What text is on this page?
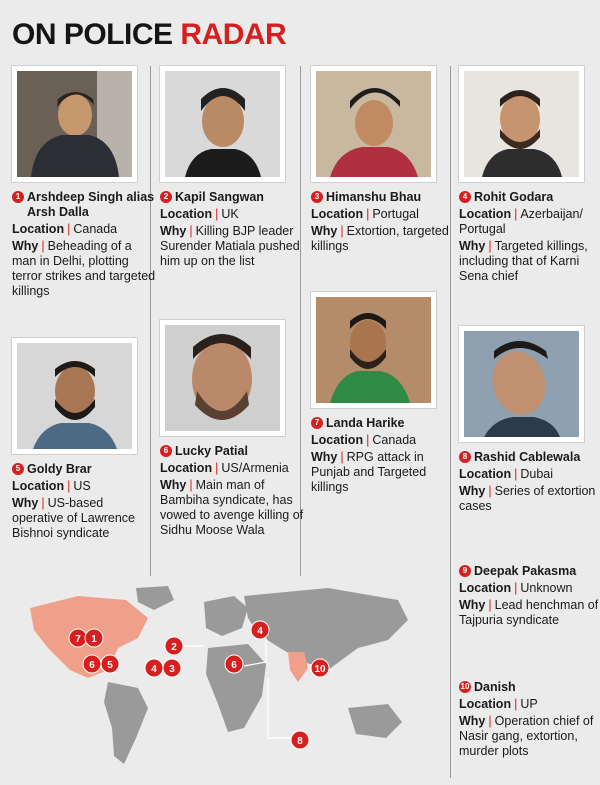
ON POLICE RADAR
1 Arshdeep Singh alias Arsh Dalla
Location | Canada
Why | Beheading of a man in Delhi, plotting terror strikes and targeted killings
2 Kapil Sangwan
Location | UK
Why | Killing BJP leader Surender Matiala pushed him up on the list
3 Himanshu Bhau
Location | Portugal
Why | Extortion, targeted killings
4 Rohit Godara
Location | Azerbaijan/ Portugal
Why | Targeted killings, including that of Karni Sena chief
5 Goldy Brar
Location | US
Why | US-based operative of Lawrence Bishnoi syndicate
6 Lucky Patial
Location | US/Armenia
Why | Main man of Bambiha syndicate, has vowed to avenge killing of Sidhu Moose Wala
7 Landa Harike
Location | Canada
Why | RPG attack in Punjab and Targeted killings
8 Rashid Cablewala
Location | Dubai
Why | Series of extortion cases
9 Deepak Pakasma
Location | Unknown
Why | Lead henchman of Tajpuria syndicate
10 Danish
Location | UP
Why | Operation chief of Nasir gang, extortion, murder plots
7 1
2
6 5	4 3
4
6	10
8
